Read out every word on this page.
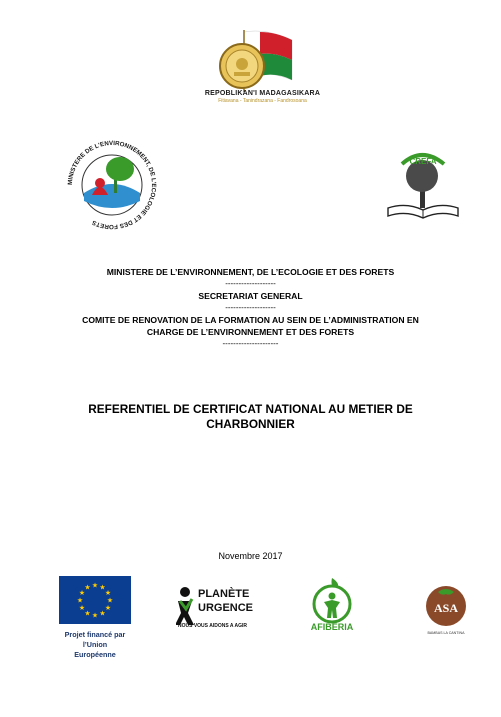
REPOBLIKAN'I MADAGASIKARA
Fitiavana - Tanindrazana - Fandrosoana
MINISTERE DE L'ENVIRONNEMENT, DE L'ECOLOGIE ET DES FORETS
CREFA
MINISTERE DE L’ENVIRONNEMENT, DE L’ECOLOGIE ET DES FORETS
-------------------
SECRETARIAT GENERAL
-------------------
COMITE DE RENOVATION DE LA FORMATION AU SEIN DE L’ADMINISTRATION EN
CHARGE DE L’ENVIRONNEMENT ET DES FORETS
---------------------
REFERENTIEL DE CERTIFICAT NATIONAL AU METIER DE
CHARBONNIER
Novembre 2017
★ ★
★
★
★
★
★
★
★
★
★
★
Projet financé par
l’Union
Européenne
PLANÈTE
URGENCE
NOUS VOUS AIDONS A AGIR	AFIBERIA
ASA
BAMBAS LA CANTINA
